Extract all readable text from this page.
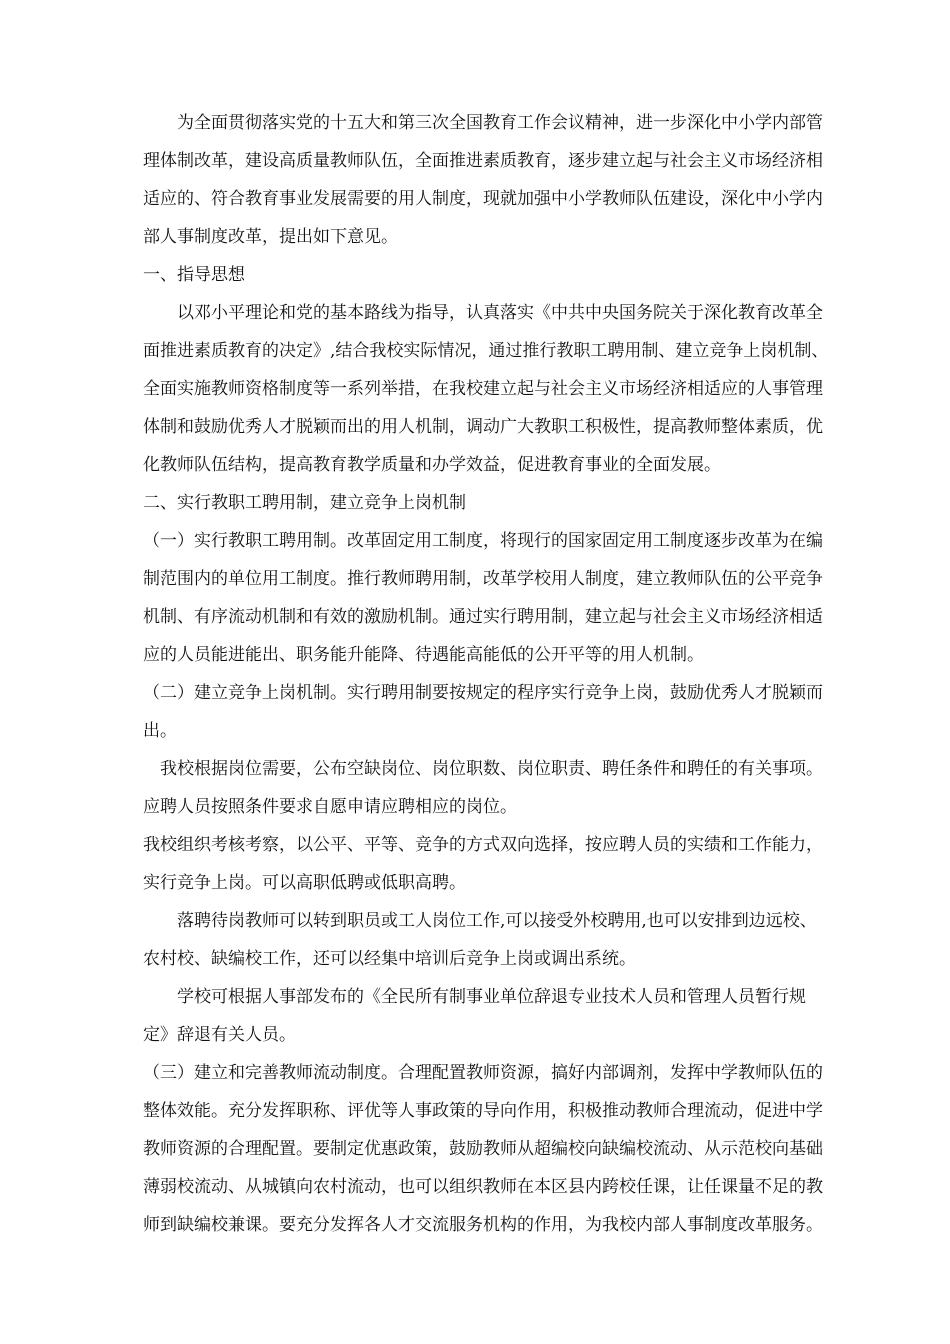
为全面贯彻落实党的十五大和第三次全国教育工作会议精神，进一步深化中小学内部管
理体制改革，建设高质量教师队伍，全面推进素质教育，逐步建立起与社会主义市场经济相
适应的、符合教育事业发展需要的用人制度，现就加强中小学教师队伍建设，深化中小学内
部人事制度改革，提出如下意见。
一、指导思想
以邓小平理论和党的基本路线为指导，认真落实《中共中央国务院关于深化教育改革全
面推进素质教育的决定》,结合我校实际情况，通过推行教职工聘用制、建立竞争上岗机制、
全面实施教师资格制度等一系列举措，在我校建立起与社会主义市场经济相适应的人事管理
体制和鼓励优秀人才脱颖而出的用人机制，调动广大教职工积极性，提高教师整体素质，优
化教师队伍结构，提高教育教学质量和办学效益，促进教育事业的全面发展。
二、实行教职工聘用制，建立竞争上岗机制
（一）实行教职工聘用制。改革固定用工制度，将现行的国家固定用工制度逐步改革为在编
制范围内的单位用工制度。推行教师聘用制，改革学校用人制度，建立教师队伍的公平竞争
机制、有序流动机制和有效的激励机制。通过实行聘用制，建立起与社会主义市场经济相适
应的人员能进能出、职务能升能降、待遇能高能低的公开平等的用人机制。
（二）建立竞争上岗机制。实行聘用制要按规定的程序实行竞争上岗，鼓励优秀人才脱颖而
出。
我校根据岗位需要，公布空缺岗位、岗位职数、岗位职责、聘任条件和聘任的有关事项。
应聘人员按照条件要求自愿申请应聘相应的岗位。
我校组织考核考察，以公平、平等、竞争的方式双向选择，按应聘人员的实绩和工作能力，
实行竞争上岗。可以高职低聘或低职高聘。
落聘待岗教师可以转到职员或工人岗位工作,可以接受外校聘用,也可以安排到边远校、
农村校、缺编校工作，还可以经集中培训后竞争上岗或调出系统。
学校可根据人事部发布的《全民所有制事业单位辞退专业技术人员和管理人员暂行规
定》辞退有关人员。
（三）建立和完善教师流动制度。合理配置教师资源，搞好内部调剂，发挥中学教师队伍的
整体效能。充分发挥职称、评优等人事政策的导向作用，积极推动教师合理流动，促进中学
教师资源的合理配置。要制定优惠政策，鼓励教师从超编校向缺编校流动、从示范校向基础
薄弱校流动、从城镇向农村流动，也可以组织教师在本区县内跨校任课，让任课量不足的教
师到缺编校兼课。要充分发挥各人才交流服务机构的作用，为我校内部人事制度改革服务。
